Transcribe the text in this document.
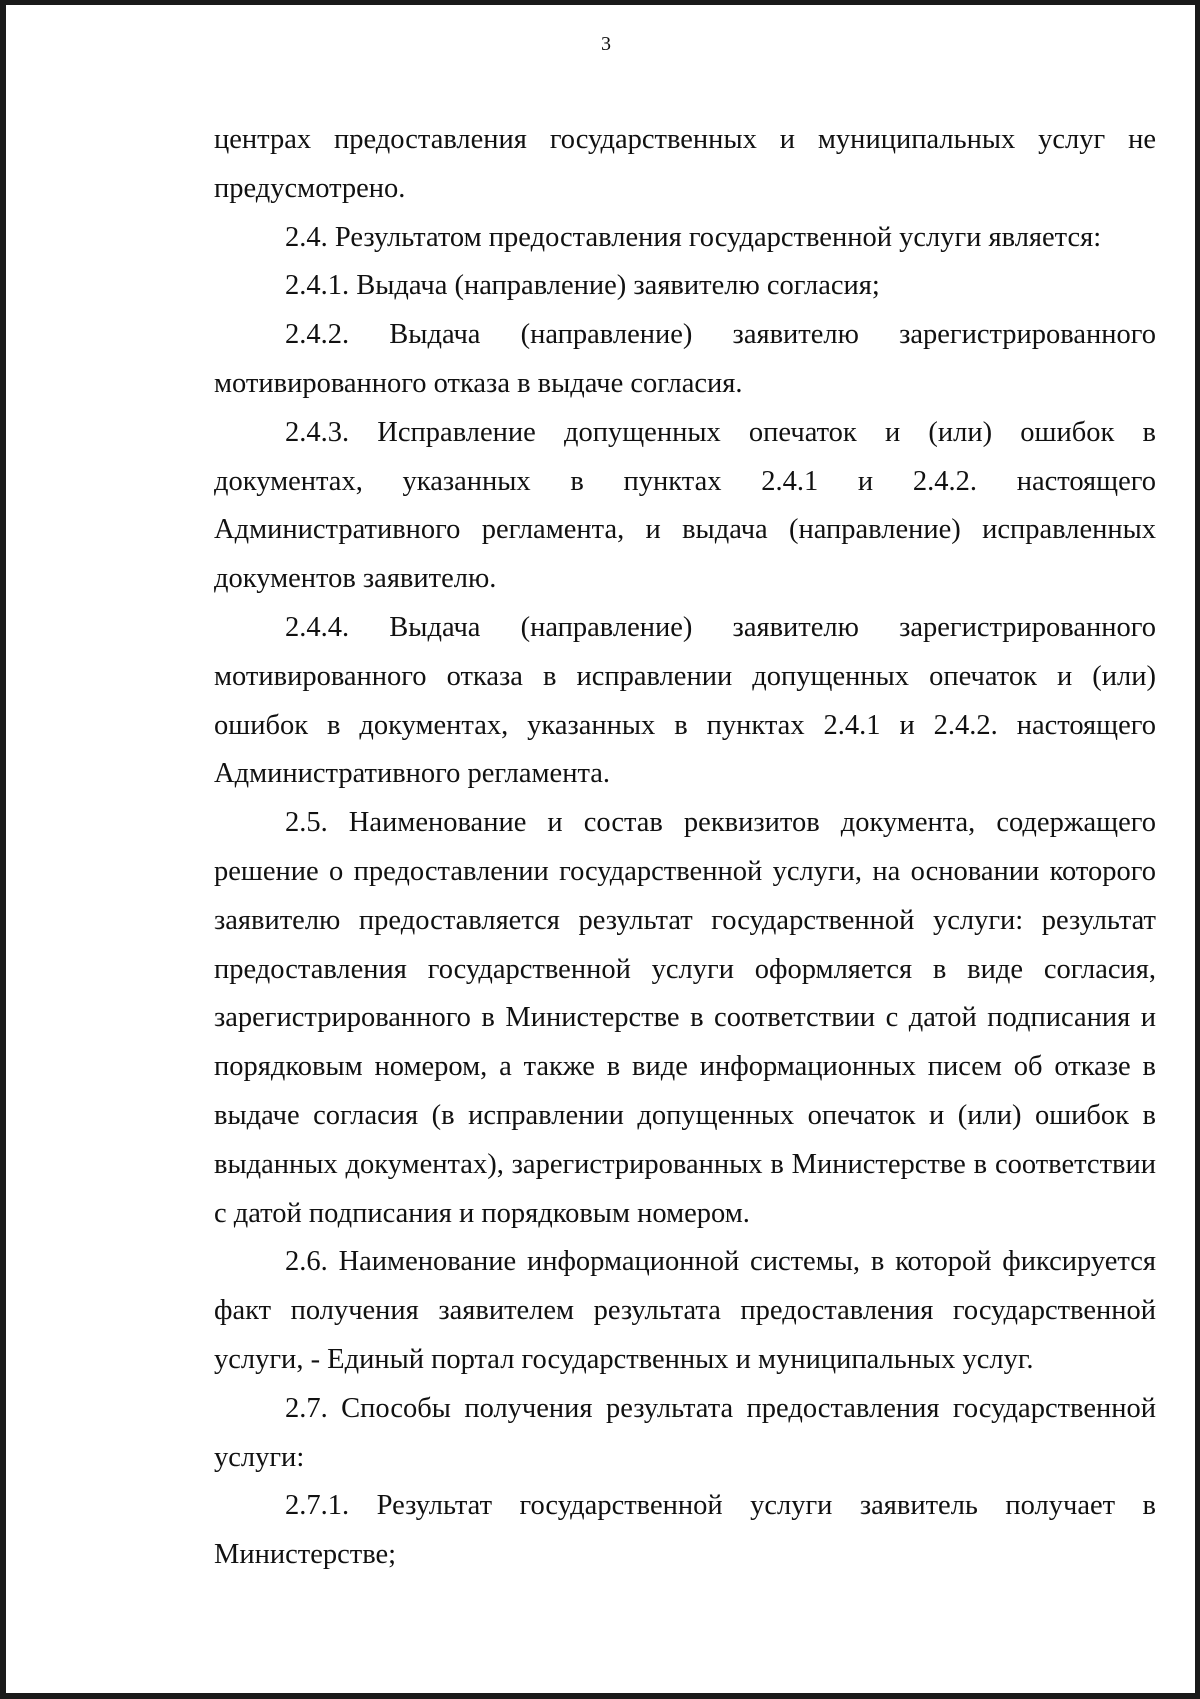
3

центрах предоставления государственных и муниципальных услуг не предусмотрено.

2.4. Результатом предоставления государственной услуги является:

2.4.1. Выдача (направление) заявителю согласия;

2.4.2. Выдача (направление) заявителю зарегистрированного мотивированного отказа в выдаче согласия.

2.4.3. Исправление допущенных опечаток и (или) ошибок в документах, указанных в пунктах 2.4.1 и 2.4.2. настоящего Административного регламента, и выдача (направление) исправленных документов заявителю.

2.4.4. Выдача (направление) заявителю зарегистрированного мотивированного отказа в исправлении допущенных опечаток и (или) ошибок в документах, указанных в пунктах 2.4.1 и 2.4.2. настоящего Административного регламента.

2.5. Наименование и состав реквизитов документа, содержащего решение о предоставлении государственной услуги, на основании которого заявителю предоставляется результат государственной услуги: результат предоставления государственной услуги оформляется в виде согласия, зарегистрированного в Министерстве в соответствии с датой подписания и порядковым номером, а также в виде информационных писем об отказе в выдаче согласия (в исправлении допущенных опечаток и (или) ошибок в выданных документах), зарегистрированных в Министерстве в соответствии с датой подписания и порядковым номером.

2.6. Наименование информационной системы, в которой фиксируется факт получения заявителем результата предоставления государственной услуги, - Единый портал государственных и муниципальных услуг.

2.7. Способы получения результата предоставления государственной услуги:

2.7.1. Результат государственной услуги заявитель получает в Министерстве;
